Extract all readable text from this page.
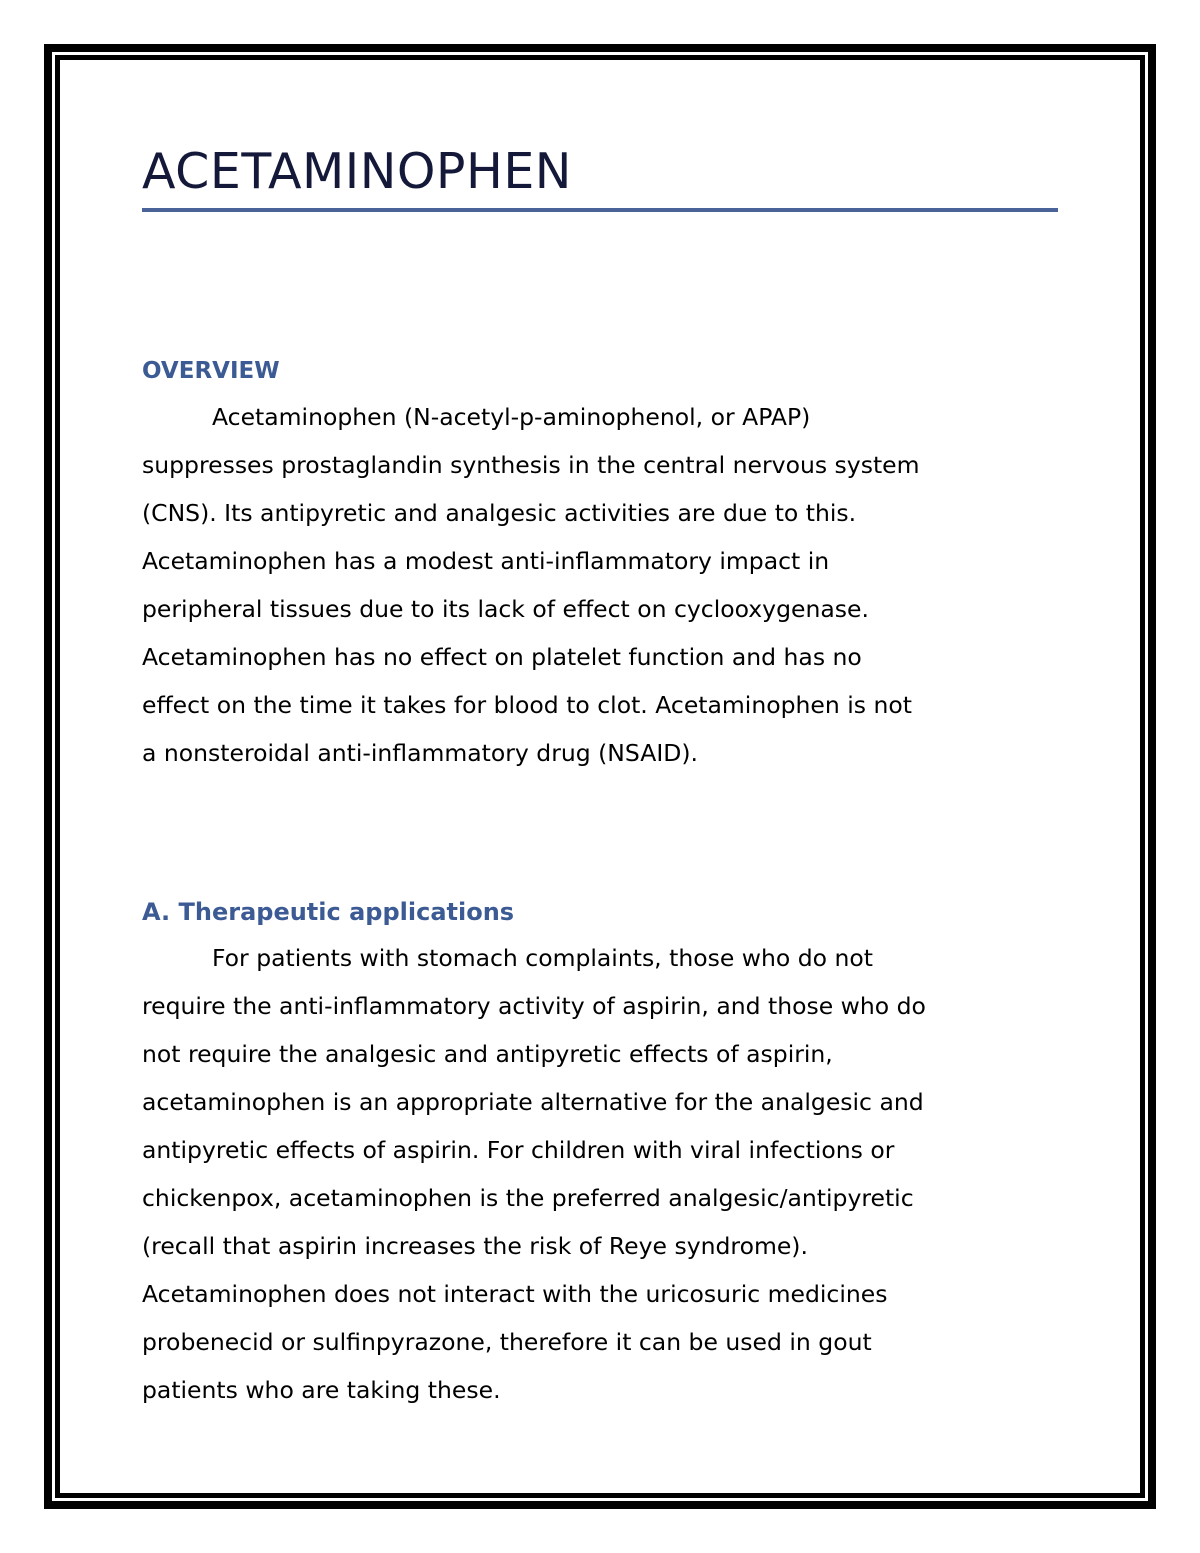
ACETAMINOPHEN
OVERVIEW
Acetaminophen (N-acetyl-p-aminophenol, or APAP)
suppresses prostaglandin synthesis in the central nervous system
(CNS). Its antipyretic and analgesic activities are due to this.
Acetaminophen has a modest anti-inflammatory impact in
peripheral tissues due to its lack of effect on cyclooxygenase.
Acetaminophen has no effect on platelet function and has no
effect on the time it takes for blood to clot. Acetaminophen is not
a nonsteroidal anti-inflammatory drug (NSAID).
A. Therapeutic applications
For patients with stomach complaints, those who do not
require the anti-inflammatory activity of aspirin, and those who do
not require the analgesic and antipyretic effects of aspirin,
acetaminophen is an appropriate alternative for the analgesic and
antipyretic effects of aspirin. For children with viral infections or
chickenpox, acetaminophen is the preferred analgesic/antipyretic
(recall that aspirin increases the risk of Reye syndrome).
Acetaminophen does not interact with the uricosuric medicines
probenecid or sulfinpyrazone, therefore it can be used in gout
patients who are taking these.
